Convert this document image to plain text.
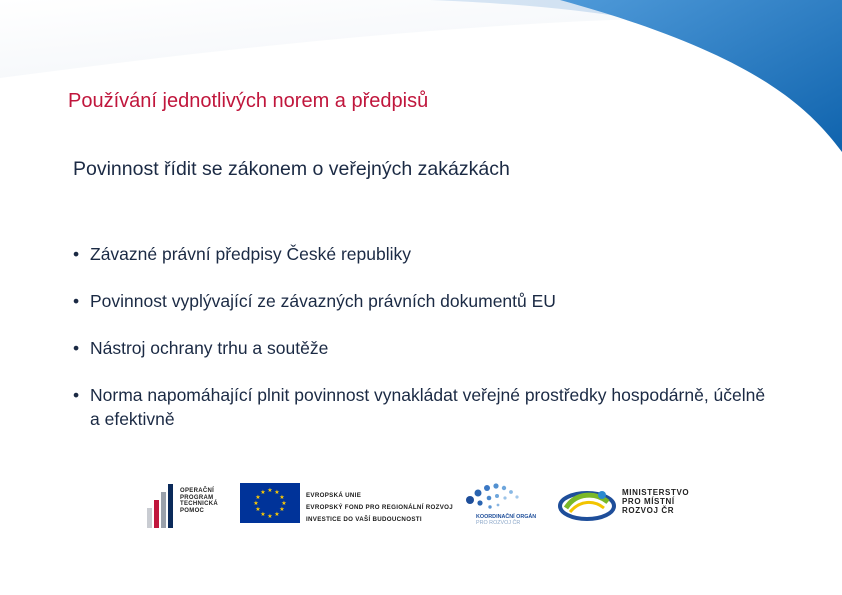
Používání jednotlivých norem a předpisů
Povinnost řídit se zákonem o veřejných zakázkách
• Závazné právní předpisy České republiky
• Povinnost vyplývající ze závazných právních dokumentů EU
• Nástroj ochrany trhu a soutěže
• Norma napomáhající plnit povinnost vynakládat veřejné prostředky hospodárně, účelně a efektivně
OPERAČNÍ
PROGRAM
TECHNICKÁ
POMOC
★ ★
★
★
★
★
★
★
★
★
★
★	EVROPSKÁ UNIE
EVROPSKÝ FOND PRO REGIONÁLNÍ ROZVOJ
INVESTICE DO VAŠÍ BUDOUCNOSTI	KOORDINAČNÍ ORGÁN
PRO ROZVOJ ČR
MINISTERSTVO
PRO MÍSTNÍ
ROZVOJ ČR
